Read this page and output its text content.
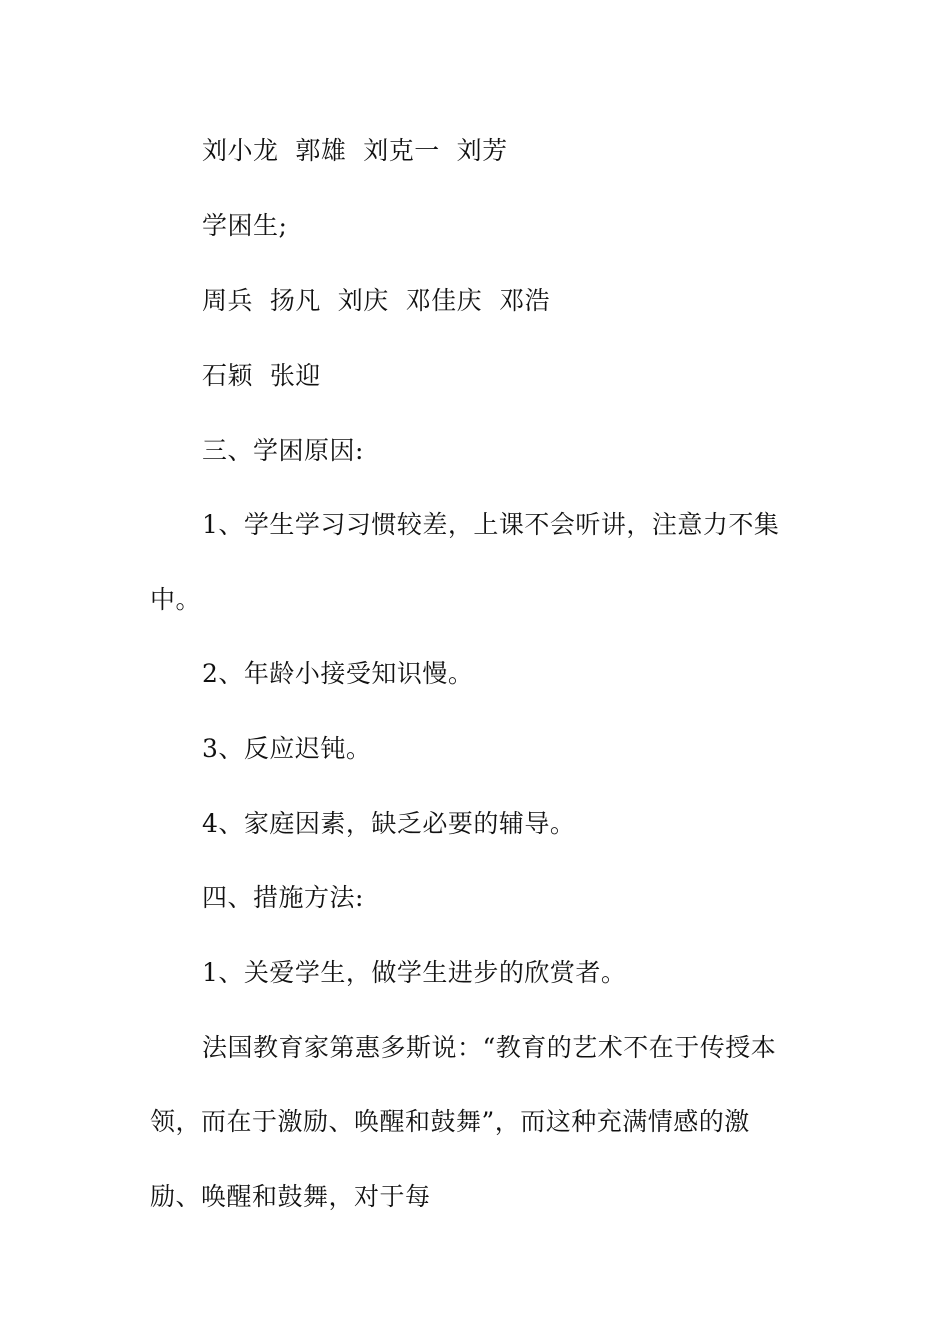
刘小龙  郭雄  刘克一  刘芳
学困生;
周兵  扬凡  刘庆  邓佳庆  邓浩
石颖  张迎
三、学困原因:
1、学生学习习惯较差，上课不会听讲，注意力不集
中。
2、年龄小接受知识慢。
3、反应迟钝。
4、家庭因素，缺乏必要的辅导。
四、措施方法:
1、关爱学生，做学生进步的欣赏者。
法国教育家第惠多斯说：“教育的艺术不在于传授本
领，而在于激励、唤醒和鼓舞”，而这种充满情感的激
励、唤醒和鼓舞，对于每
